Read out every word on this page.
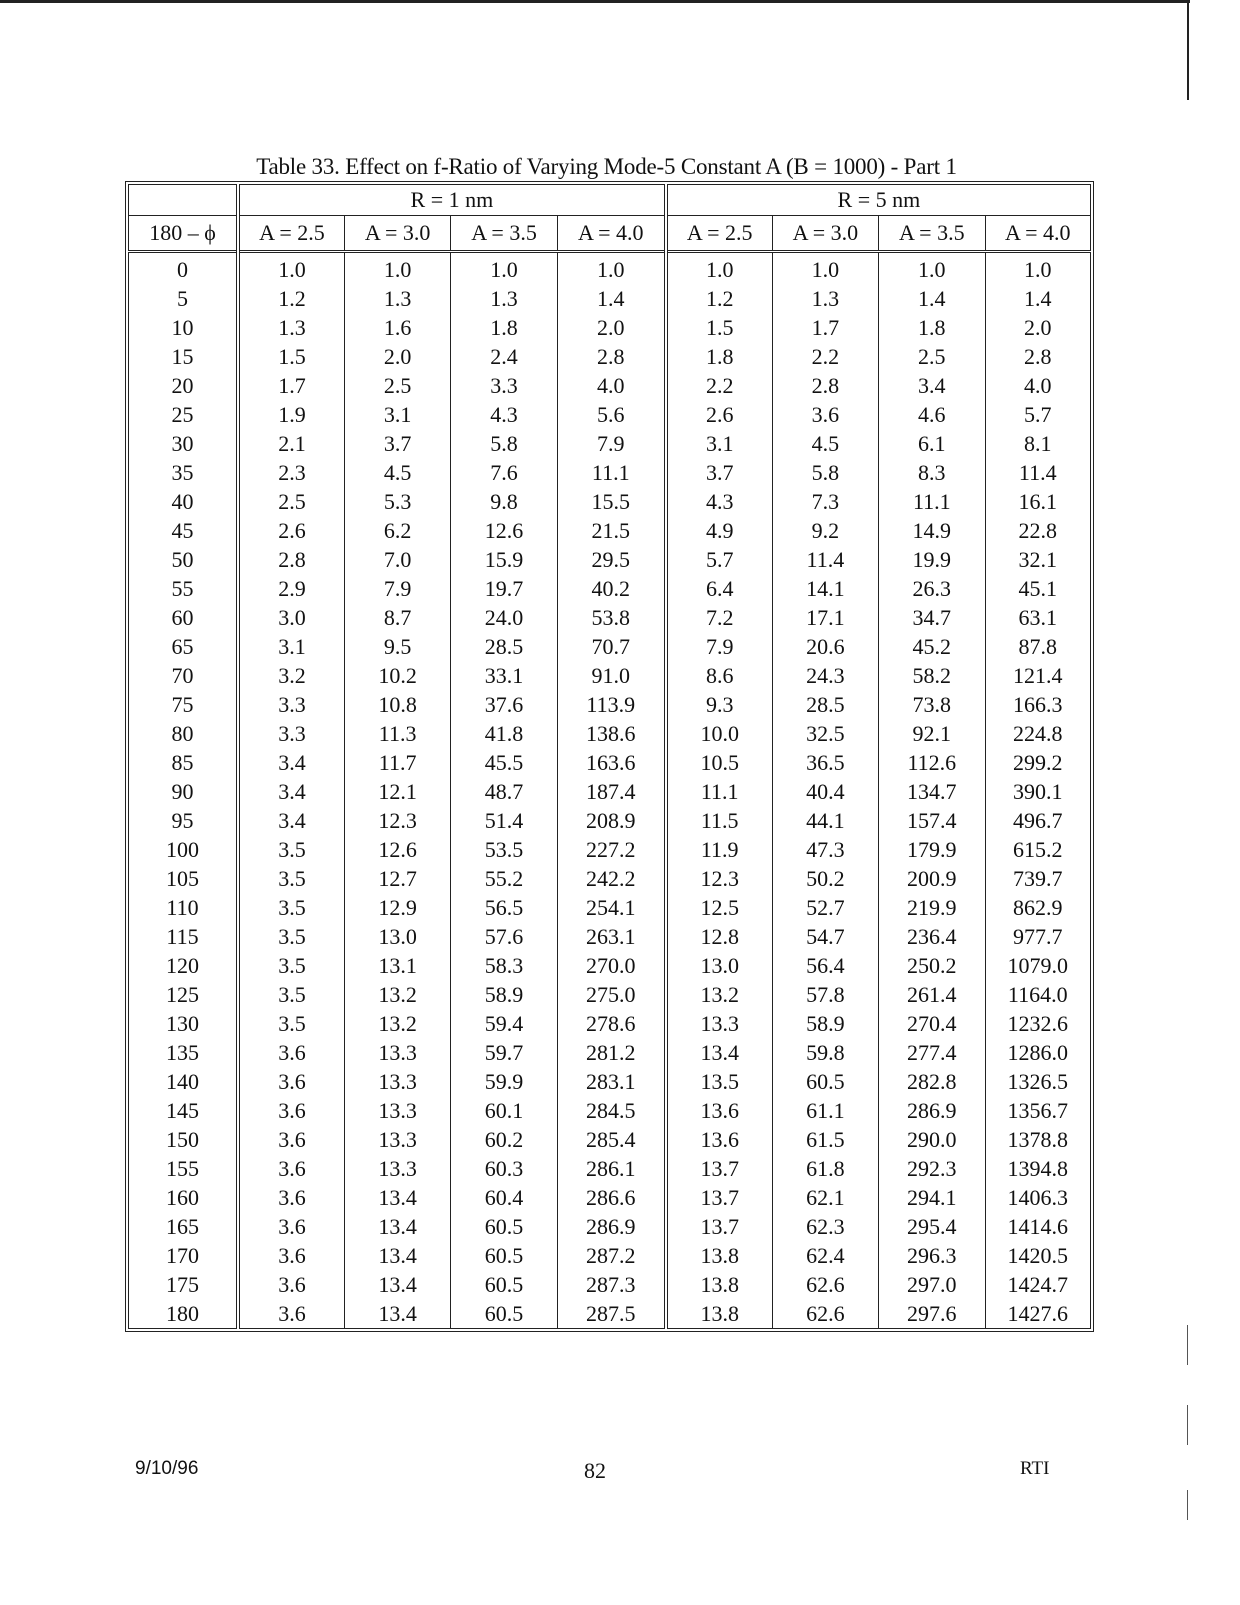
Table 33. Effect on f-Ratio of Varying Mode-5 Constant A (B = 1000) - Part 1
	R = 1 nm				R = 5 nm			
180 – ϕ	A = 2.5	A = 3.0	A = 3.5	A = 4.0	A = 2.5	A = 3.0	A = 3.5	A = 4.0
0	1.0	1.0	1.0	1.0	1.0	1.0	1.0	1.0
5	1.2	1.3	1.3	1.4	1.2	1.3	1.4	1.4
10	1.3	1.6	1.8	2.0	1.5	1.7	1.8	2.0
15	1.5	2.0	2.4	2.8	1.8	2.2	2.5	2.8
20	1.7	2.5	3.3	4.0	2.2	2.8	3.4	4.0
25	1.9	3.1	4.3	5.6	2.6	3.6	4.6	5.7
30	2.1	3.7	5.8	7.9	3.1	4.5	6.1	8.1
35	2.3	4.5	7.6	11.1	3.7	5.8	8.3	11.4
40	2.5	5.3	9.8	15.5	4.3	7.3	11.1	16.1
45	2.6	6.2	12.6	21.5	4.9	9.2	14.9	22.8
50	2.8	7.0	15.9	29.5	5.7	11.4	19.9	32.1
55	2.9	7.9	19.7	40.2	6.4	14.1	26.3	45.1
60	3.0	8.7	24.0	53.8	7.2	17.1	34.7	63.1
65	3.1	9.5	28.5	70.7	7.9	20.6	45.2	87.8
70	3.2	10.2	33.1	91.0	8.6	24.3	58.2	121.4
75	3.3	10.8	37.6	113.9	9.3	28.5	73.8	166.3
80	3.3	11.3	41.8	138.6	10.0	32.5	92.1	224.8
85	3.4	11.7	45.5	163.6	10.5	36.5	112.6	299.2
90	3.4	12.1	48.7	187.4	11.1	40.4	134.7	390.1
95	3.4	12.3	51.4	208.9	11.5	44.1	157.4	496.7
100	3.5	12.6	53.5	227.2	11.9	47.3	179.9	615.2
105	3.5	12.7	55.2	242.2	12.3	50.2	200.9	739.7
110	3.5	12.9	56.5	254.1	12.5	52.7	219.9	862.9
115	3.5	13.0	57.6	263.1	12.8	54.7	236.4	977.7
120	3.5	13.1	58.3	270.0	13.0	56.4	250.2	1079.0
125	3.5	13.2	58.9	275.0	13.2	57.8	261.4	1164.0
130	3.5	13.2	59.4	278.6	13.3	58.9	270.4	1232.6
135	3.6	13.3	59.7	281.2	13.4	59.8	277.4	1286.0
140	3.6	13.3	59.9	283.1	13.5	60.5	282.8	1326.5
145	3.6	13.3	60.1	284.5	13.6	61.1	286.9	1356.7
150	3.6	13.3	60.2	285.4	13.6	61.5	290.0	1378.8
155	3.6	13.3	60.3	286.1	13.7	61.8	292.3	1394.8
160	3.6	13.4	60.4	286.6	13.7	62.1	294.1	1406.3
165	3.6	13.4	60.5	286.9	13.7	62.3	295.4	1414.6
170	3.6	13.4	60.5	287.2	13.8	62.4	296.3	1420.5
175	3.6	13.4	60.5	287.3	13.8	62.6	297.0	1424.7
180	3.6	13.4	60.5	287.5	13.8	62.6	297.6	1427.6
9/10/96	82	RTI
